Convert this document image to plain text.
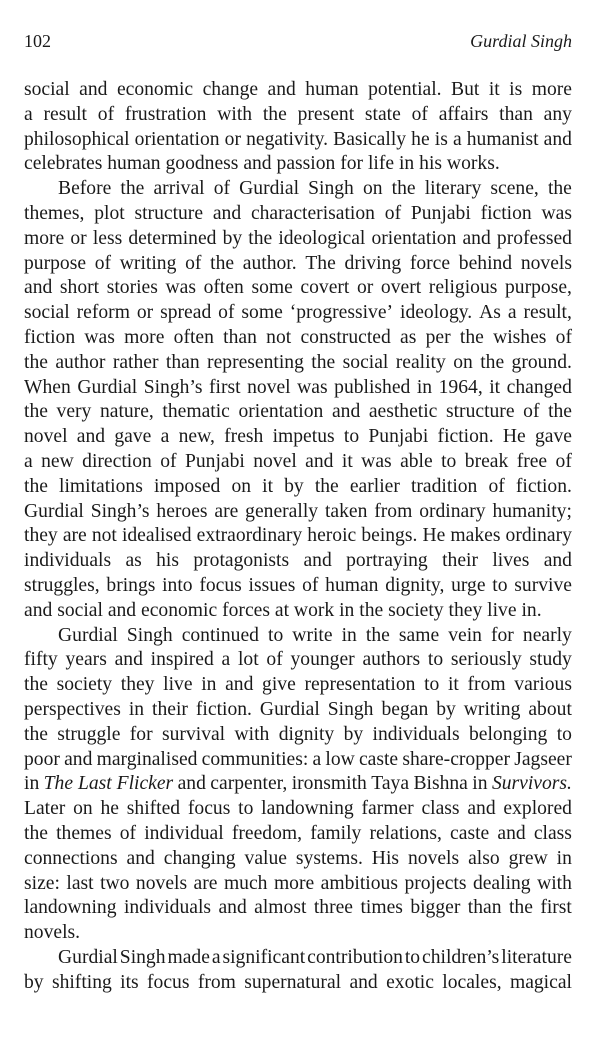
102	Gurdial Singh
social and economic change and human potential. But it is more
a result of frustration with the present state of affairs than any
philosophical orientation or negativity. Basically he is a humanist and
celebrates human goodness and passion for life in his works.
Before the arrival of Gurdial Singh on the literary scene, the
themes, plot structure and characterisation of Punjabi fiction was
more or less determined by the ideological orientation and professed
purpose of writing of the author. The driving force behind novels
and short stories was often some covert or overt religious purpose,
social reform or spread of some ‘progressive’ ideology. As a result,
fiction was more often than not constructed as per the wishes of
the author rather than representing the social reality on the ground.
When Gurdial Singh’s first novel was published in 1964, it changed
the very nature, thematic orientation and aesthetic structure of the
novel and gave a new, fresh impetus to Punjabi fiction. He gave
a new direction of Punjabi novel and it was able to break free of
the limitations imposed on it by the earlier tradition of fiction.
Gurdial Singh’s heroes are generally taken from ordinary humanity;
they are not idealised extraordinary heroic beings. He makes ordinary
individuals as his protagonists and portraying their lives and
struggles, brings into focus issues of human dignity, urge to survive
and social and economic forces at work in the society they live in.
Gurdial Singh continued to write in the same vein for nearly
fifty years and inspired a lot of younger authors to seriously study
the society they live in and give representation to it from various
perspectives in their fiction. Gurdial Singh began by writing about
the struggle for survival with dignity by individuals belonging to
poor and marginalised communities: a low caste share-cropper Jagseer
in The Last Flicker and carpenter, ironsmith Taya Bishna in Survivors.
Later on he shifted focus to landowning farmer class and explored
the themes of individual freedom, family relations, caste and class
connections and changing value systems. His novels also grew in
size: last two novels are much more ambitious projects dealing with
landowning individuals and almost three times bigger than the first
novels.
Gurdial Singh made a significant contribution to children’s literature
by shifting its focus from supernatural and exotic locales, magical
